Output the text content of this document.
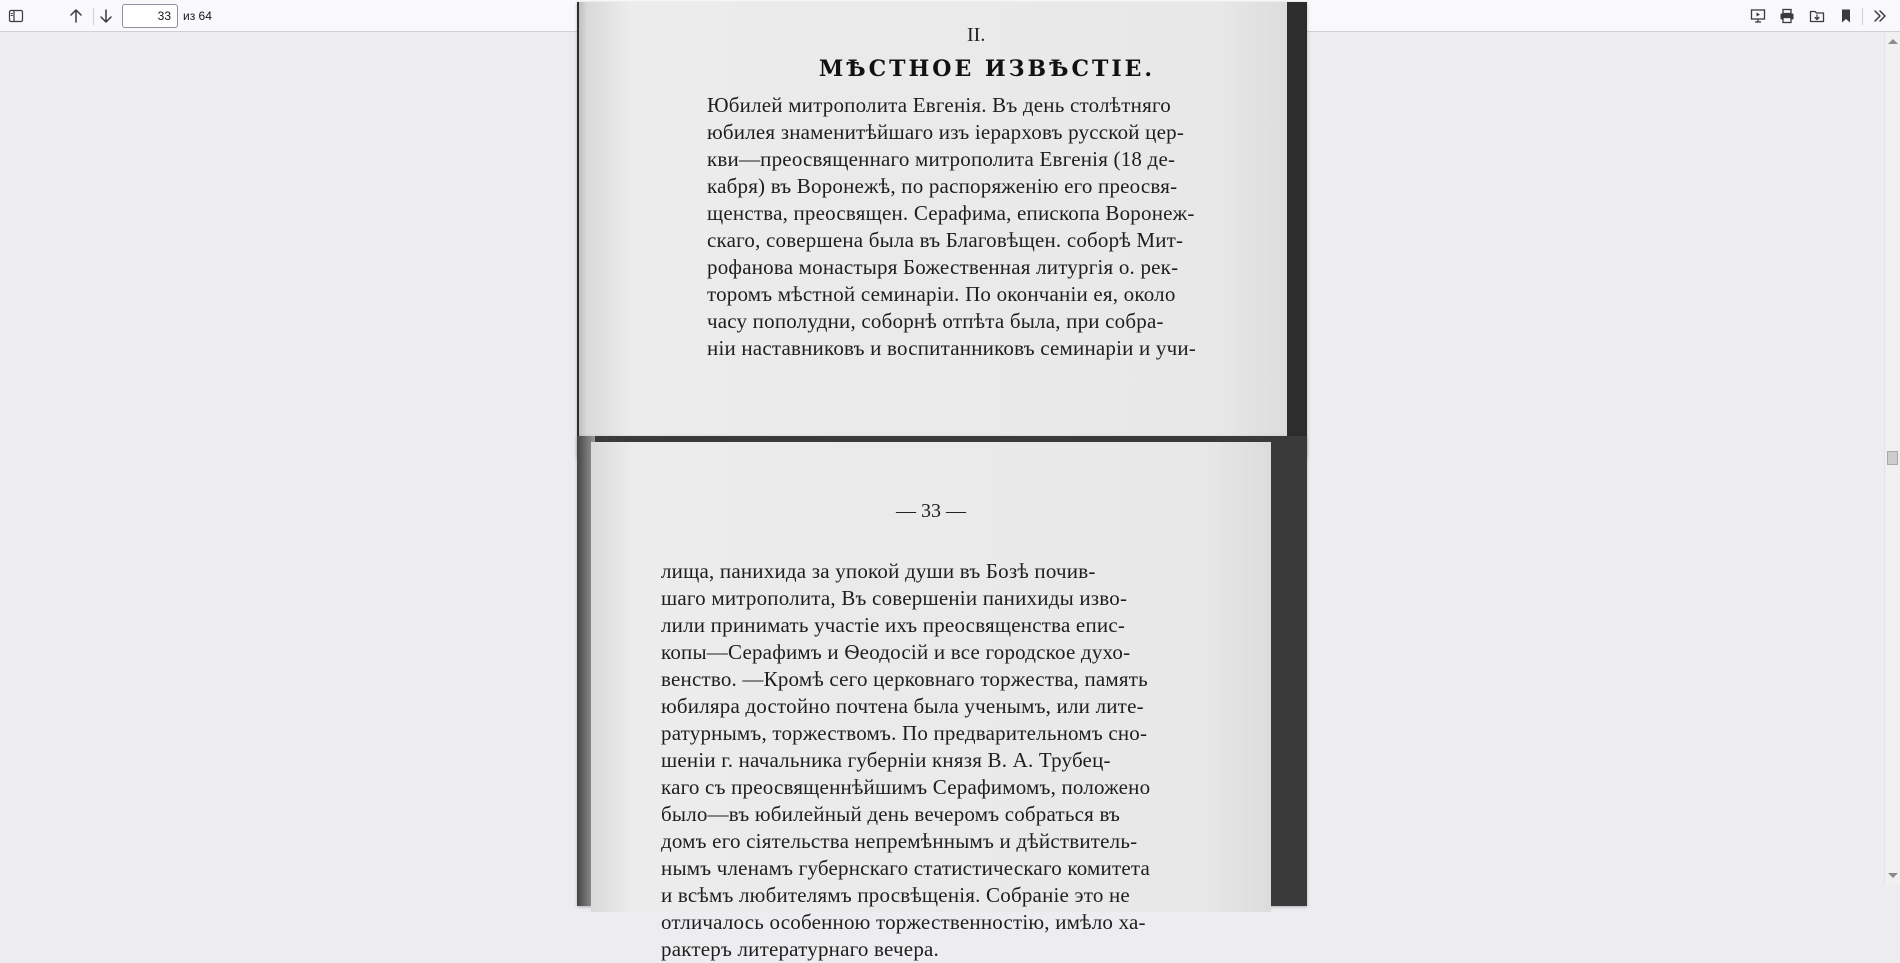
33
из 64
II.
МѢСТНОЕ ИЗВѢСТІЕ.
Юбилей митрополита Евгенія. Въ день столѣтняго
юбилея знаменитѣйшаго изъ іерарховъ русской цер-
кви—преосвященнаго митрополита Евгенія (18 де-
кабря) въ Воронежѣ, по распоряженію его преосвя-
щенства, преосвящен. Серафима, епископа Воронеж-
скаго, совершена была въ Благовѣщен. соборѣ Мит-
рофанова монастыря Божественная литургія о. рек-
торомъ мѣстной семинаріи. По окончаніи ея, около
часу пополудни, соборнѣ отпѣта была, при собра-
ніи наставниковъ и воспитанниковъ семинаріи и учи-
— 33 —
лища, панихида за упокой души въ Бозѣ почив-
шаго митрополита, Въ совершеніи панихиды изво-
лили принимать участіе ихъ преосвященства епис-
копы—Серафимъ и Ѳеодосій и все городское духо-
венство. —Кромѣ сего церковнаго торжества, память
юбиляра достойно почтена была ученымъ, или лите-
ратурнымъ, торжествомъ. По предварительномъ сно-
шеніи г. начальника губерніи князя В. А. Трубец-
каго съ преосвященнѣйшимъ Серафимомъ, положено
было—въ юбилейный день вечеромъ собраться въ
домъ его сіятельства непремѣннымъ и дѣйствитель-
нымъ членамъ губернскаго статистическаго комитета
и всѣмъ любителямъ просвѣщенія. Собраніе это не
отличалось особенною торжественностію, имѣло ха-
рактеръ литературнаго вечера.
